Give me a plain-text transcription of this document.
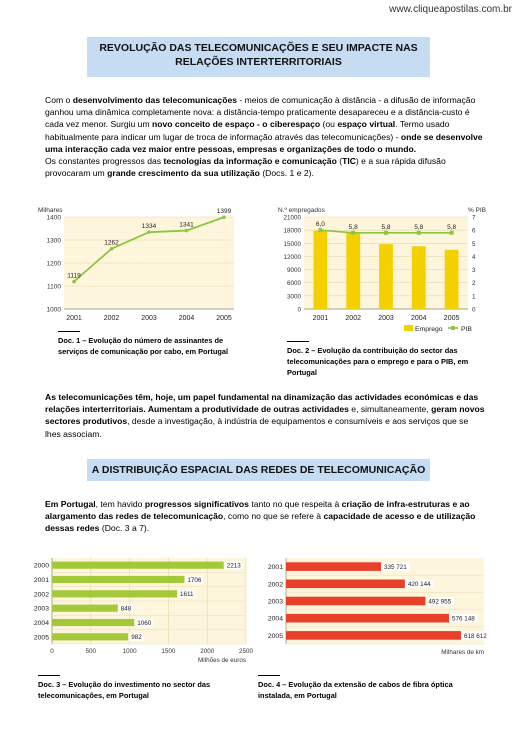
www.cliqueapostilas.com.br
REVOLUÇÃO DAS TELECOMUNICAÇÕES E SEU IMPACTE NAS RELAÇÕES INTERTERRITORIAIS
Com o desenvolvimento das telecomunicações - meios de comunicação à distância - a difusão de informação ganhou uma dinâmica completamente nova: a distância-tempo praticamente desapareceu e a distância-custo é cada vez menor. Surgiu um novo conceito de espaço - o ciberespaço (ou espaço virtual. Termo usado habitualmente para indicar um lugar de troca de informação através das telecomunicações) - onde se desenvolve uma interacção cada vez maior entre pessoas, empresas e organizações de todo o mundo.
Os constantes progressos das tecnologias da informação e comunicação (TIC) e a sua rápida difusão provocaram um grande crescimento da sua utilização (Docs. 1 e 2).
Milhares
1000
1100
1200
1300
1400
1119
2001
1262
2002
1334
2003
1341
2004
1399
2005
Doc. 1 – Evolução do número de assinantes de serviços de comunicação por cabo, em Portugal
N.º empregados	% PIB
0
3000
6000
9000
12000
15000
18000
21000
0
1
2
3
4
5
6
7
2001 2002 2003 2004 2005
6,0	5,8	5,8	5,8	5,8
Emprego	PIB
Doc. 2 – Evolução da contribuição do sector das telecomunicações para o emprego e para o PIB, em Portugal
As telecomunicações têm, hoje, um papel fundamental na dinamização das actividades económicas e das relações interterritoriais. Aumentam a produtividade de outras actividades e, simultaneamente, geram novos sectores produtivos, desde a investigação, à indústria de equipamentos e consumíveis e aos serviços que se lhes associam.
A DISTRIBUIÇÃO ESPACIAL DAS REDES DE TELECOMUNICAÇÃO
Em Portugal, tem havido progressos significativos tanto no que respeita à criação de infra-estruturas e ao alargamento das redes de telecomunicação, como no que se refere à capacidade de acesso e de utilização dessas redes (Doc. 3 a 7).
0	500	1000	1500	2000	2500
2000	2213
2001	1706
2002	1611
2003	848
2004	1060
2005	982
Milhões de euros
Doc. 3 – Evolução do investimento no sector das telecomunicações, em Portugal
2001	335 721
2002	420 144
2003	492 955
2004	576 148
2005	618 612
Milhares de km
Doc. 4 – Evolução da extensão de cabos de fibra óptica instalada, em Portugal
